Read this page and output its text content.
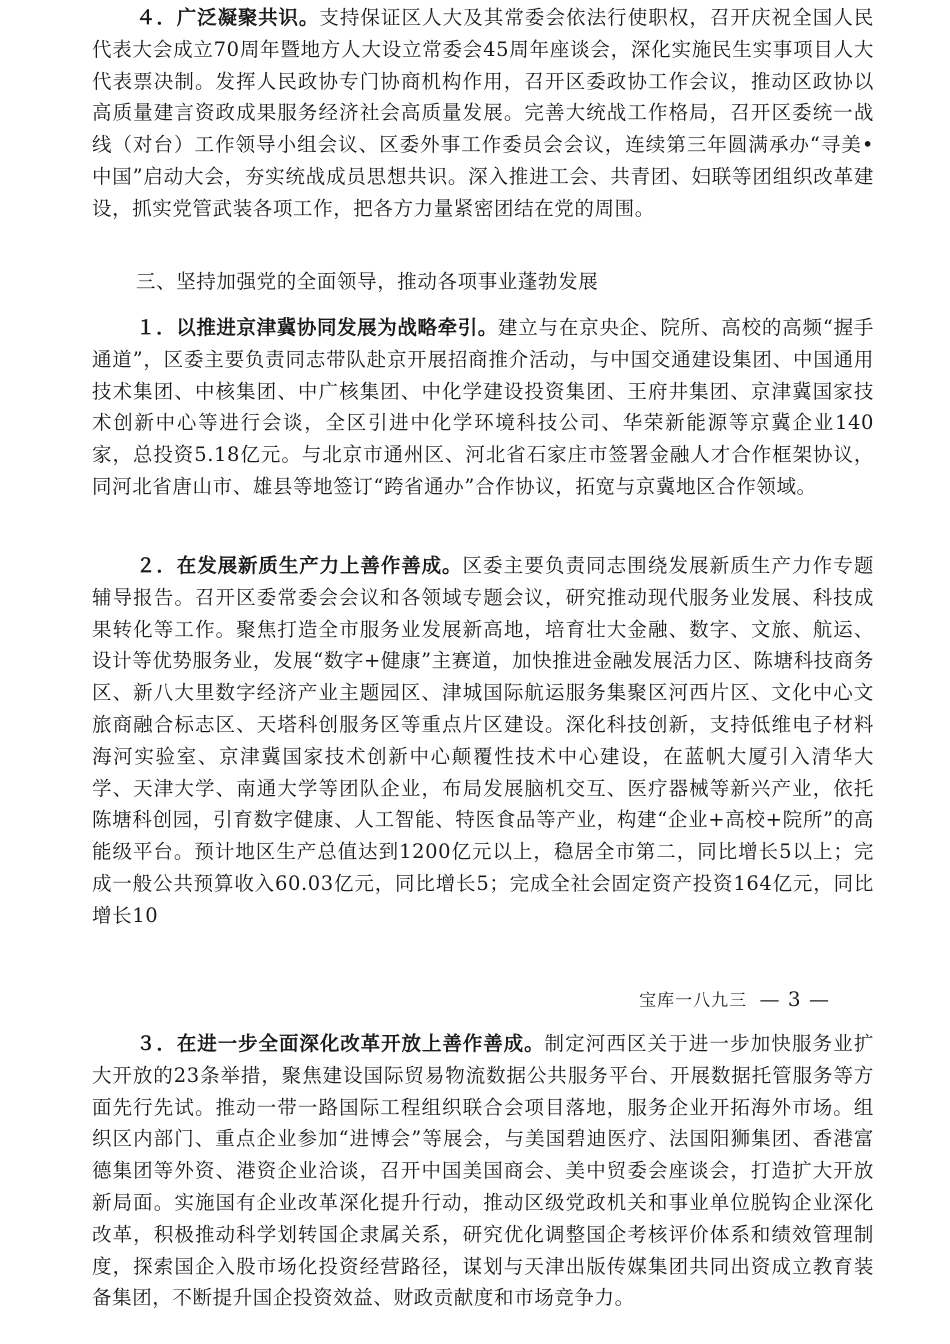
４．广泛凝聚共识。支持保证区人大及其常委会依法行使职权，召开庆祝全国人民代表大会成立70周年暨地方人大设立常委会45周年座谈会，深化实施民生实事项目人大代表票决制。发挥人民政协专门协商机构作用，召开区委政协工作会议，推动区政协以高质量建言资政成果服务经济社会高质量发展。完善大统战工作格局，召开区委统一战线（对台）工作领导小组会议、区委外事工作委员会会议，连续第三年圆满承办“寻美• 中国”启动大会，夯实统战成员思想共识。深入推进工会、共青团、妇联等团组织改革建设，抓实党管武装各项工作，把各方力量紧密团结在党的周围。

三、坚持加强党的全面领导，推动各项事业蓬勃发展

１．以推进京津冀协同发展为战略牵引。建立与在京央企、院所、高校的高频“握手通道”，区委主要负责同志带队赴京开展招商推介活动，与中国交通建设集团、中国通用技术集团、中核集团、中广核集团、中化学建设投资集团、王府井集团、京津冀国家技术创新中心等进行会谈，全区引进中化学环境科技公司、华荣新能源等京冀企业140家，总投资5.18亿元。与北京市通州区、河北省石家庄市签署金融人才合作框架协议，同河北省唐山市、雄县等地签订“跨省通办”合作协议，拓宽与京冀地区合作领域。

２．在发展新质生产力上善作善成。区委主要负责同志围绕发展新质生产力作专题辅导报告。召开区委常委会会议和各领域专题会议，研究推动现代服务业发展、科技成果转化等工作。聚焦打造全市服务业发展新高地，培育壮大金融、数字、文旅、航运、设计等优势服务业，发展“数字+健康”主赛道，加快推进金融发展活力区、陈塘科技商务区、新八大里数字经济产业主题园区、津城国际航运服务集聚区河西片区、文化中心文旅商融合标志区、天塔科创服务区等重点片区建设。深化科技创新，支持低维电子材料海河实验室、京津冀国家技术创新中心颠覆性技术中心建设，在蓝帆大厦引入清华大学、天津大学、南通大学等团队企业，布局发展脑机交互、医疗器械等新兴产业，依托陈塘科创园，引育数字健康、人工智能、特医食品等产业，构建“企业+高校+院所”的高能级平台。预计地区生产总值达到1200亿元以上，稳居全市第二，同比增长5以上；完成一般公共预算收入60.03亿元，同比增长5；完成全社会固定资产投资164亿元，同比增长10

３．在进一步全面深化改革开放上善作善成。制定河西区关于进一步加快服务业扩大开放的23条举措，聚焦建设国际贸易物流数据公共服务平台、开展数据托管服务等方面先行先试。推动一带一路国际工程组织联合会项目落地，服务企业开拓海外市场。组织区内部门、重点企业参加“进博会”等展会，与美国碧迪医疗、法国阳狮集团、香港富德集团等外资、港资企业洽谈，召开中国美国商会、美中贸委会座谈会，打造扩大开放新局面。实施国有企业改革深化提升行动，推动区级党政机关和事业单位脱钩企业深化改革，积极推动科学划转国企隶属关系，研究优化调整国企考核评价体系和绩效管理制度，探索国企入股市场化投资经营路径，谋划与天津出版传媒集团共同出资成立教育装备集团，不断提升国企投资效益、财政贡献度和市场竞争力。

宝库一八九三 — 3 —
